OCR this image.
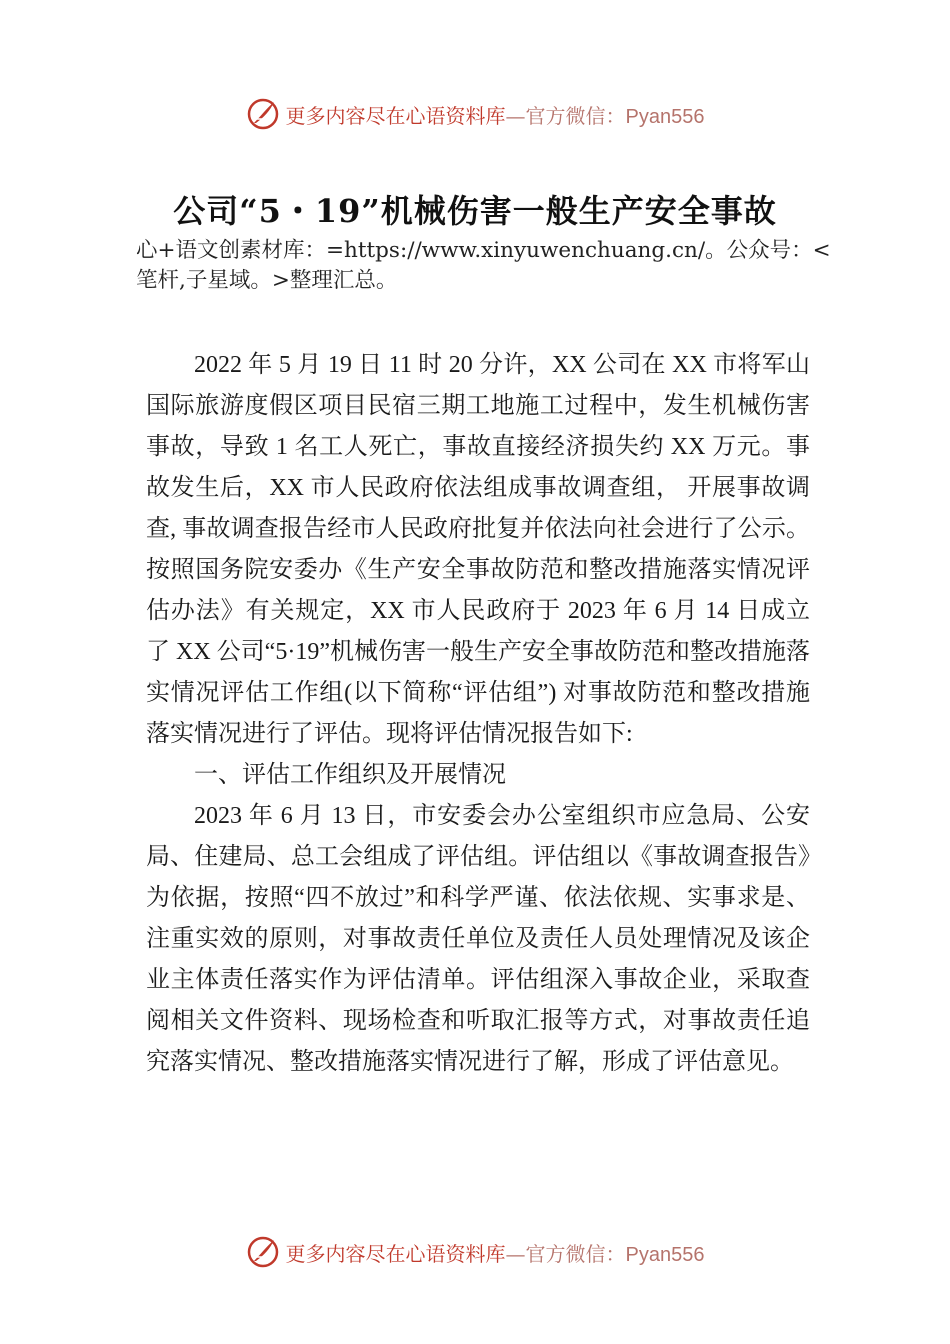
更多内容尽在心语资料库—官方微信：Pyan556
公司“5・19”机械伤害一般生产安全事故
心+语文创素材库：=https://www.xinyuwenchuang.cn/。公众号：<笔杆,子星域。>整理汇总。

2022 年 5 月 19 日 11 时 20 分许，XX 公司在 XX 市将军山国际旅游度假区项目民宿三期工地施工过程中，发生机械伤害事故，导致 1 名工人死亡，事故直接经济损失约 XX 万元。事故发生后，XX 市人民政府依法组成事故调查组， 开展事故调查, 事故调查报告经市人民政府批复并依法向社会进行了公示。按照国务院安委办《生产安全事故防范和整改措施落实情况评估办法》有关规定，XX 市人民政府于 2023 年 6 月 14 日成立了 XX 公司“5·19”机械伤害一般生产安全事故防范和整改措施落实情况评估工作组(以下简称“评估组”) 对事故防范和整改措施落实情况进行了评估。现将评估情况报告如下:

一、评估工作组织及开展情况

2023 年 6 月 13 日，市安委会办公室组织市应急局、公安局、住建局、总工会组成了评估组。评估组以《事故调查报告》为依据，按照“四不放过”和科学严谨、依法依规、实事求是、注重实效的原则，对事故责任单位及责任人员处理情况及该企业主体责任落实作为评估清单。评估组深入事故企业，采取查阅相关文件资料、现场检查和听取汇报等方式，对事故责任追究落实情况、整改措施落实情况进行了解，形成了评估意见。

更多内容尽在心语资料库—官方微信：Pyan556
